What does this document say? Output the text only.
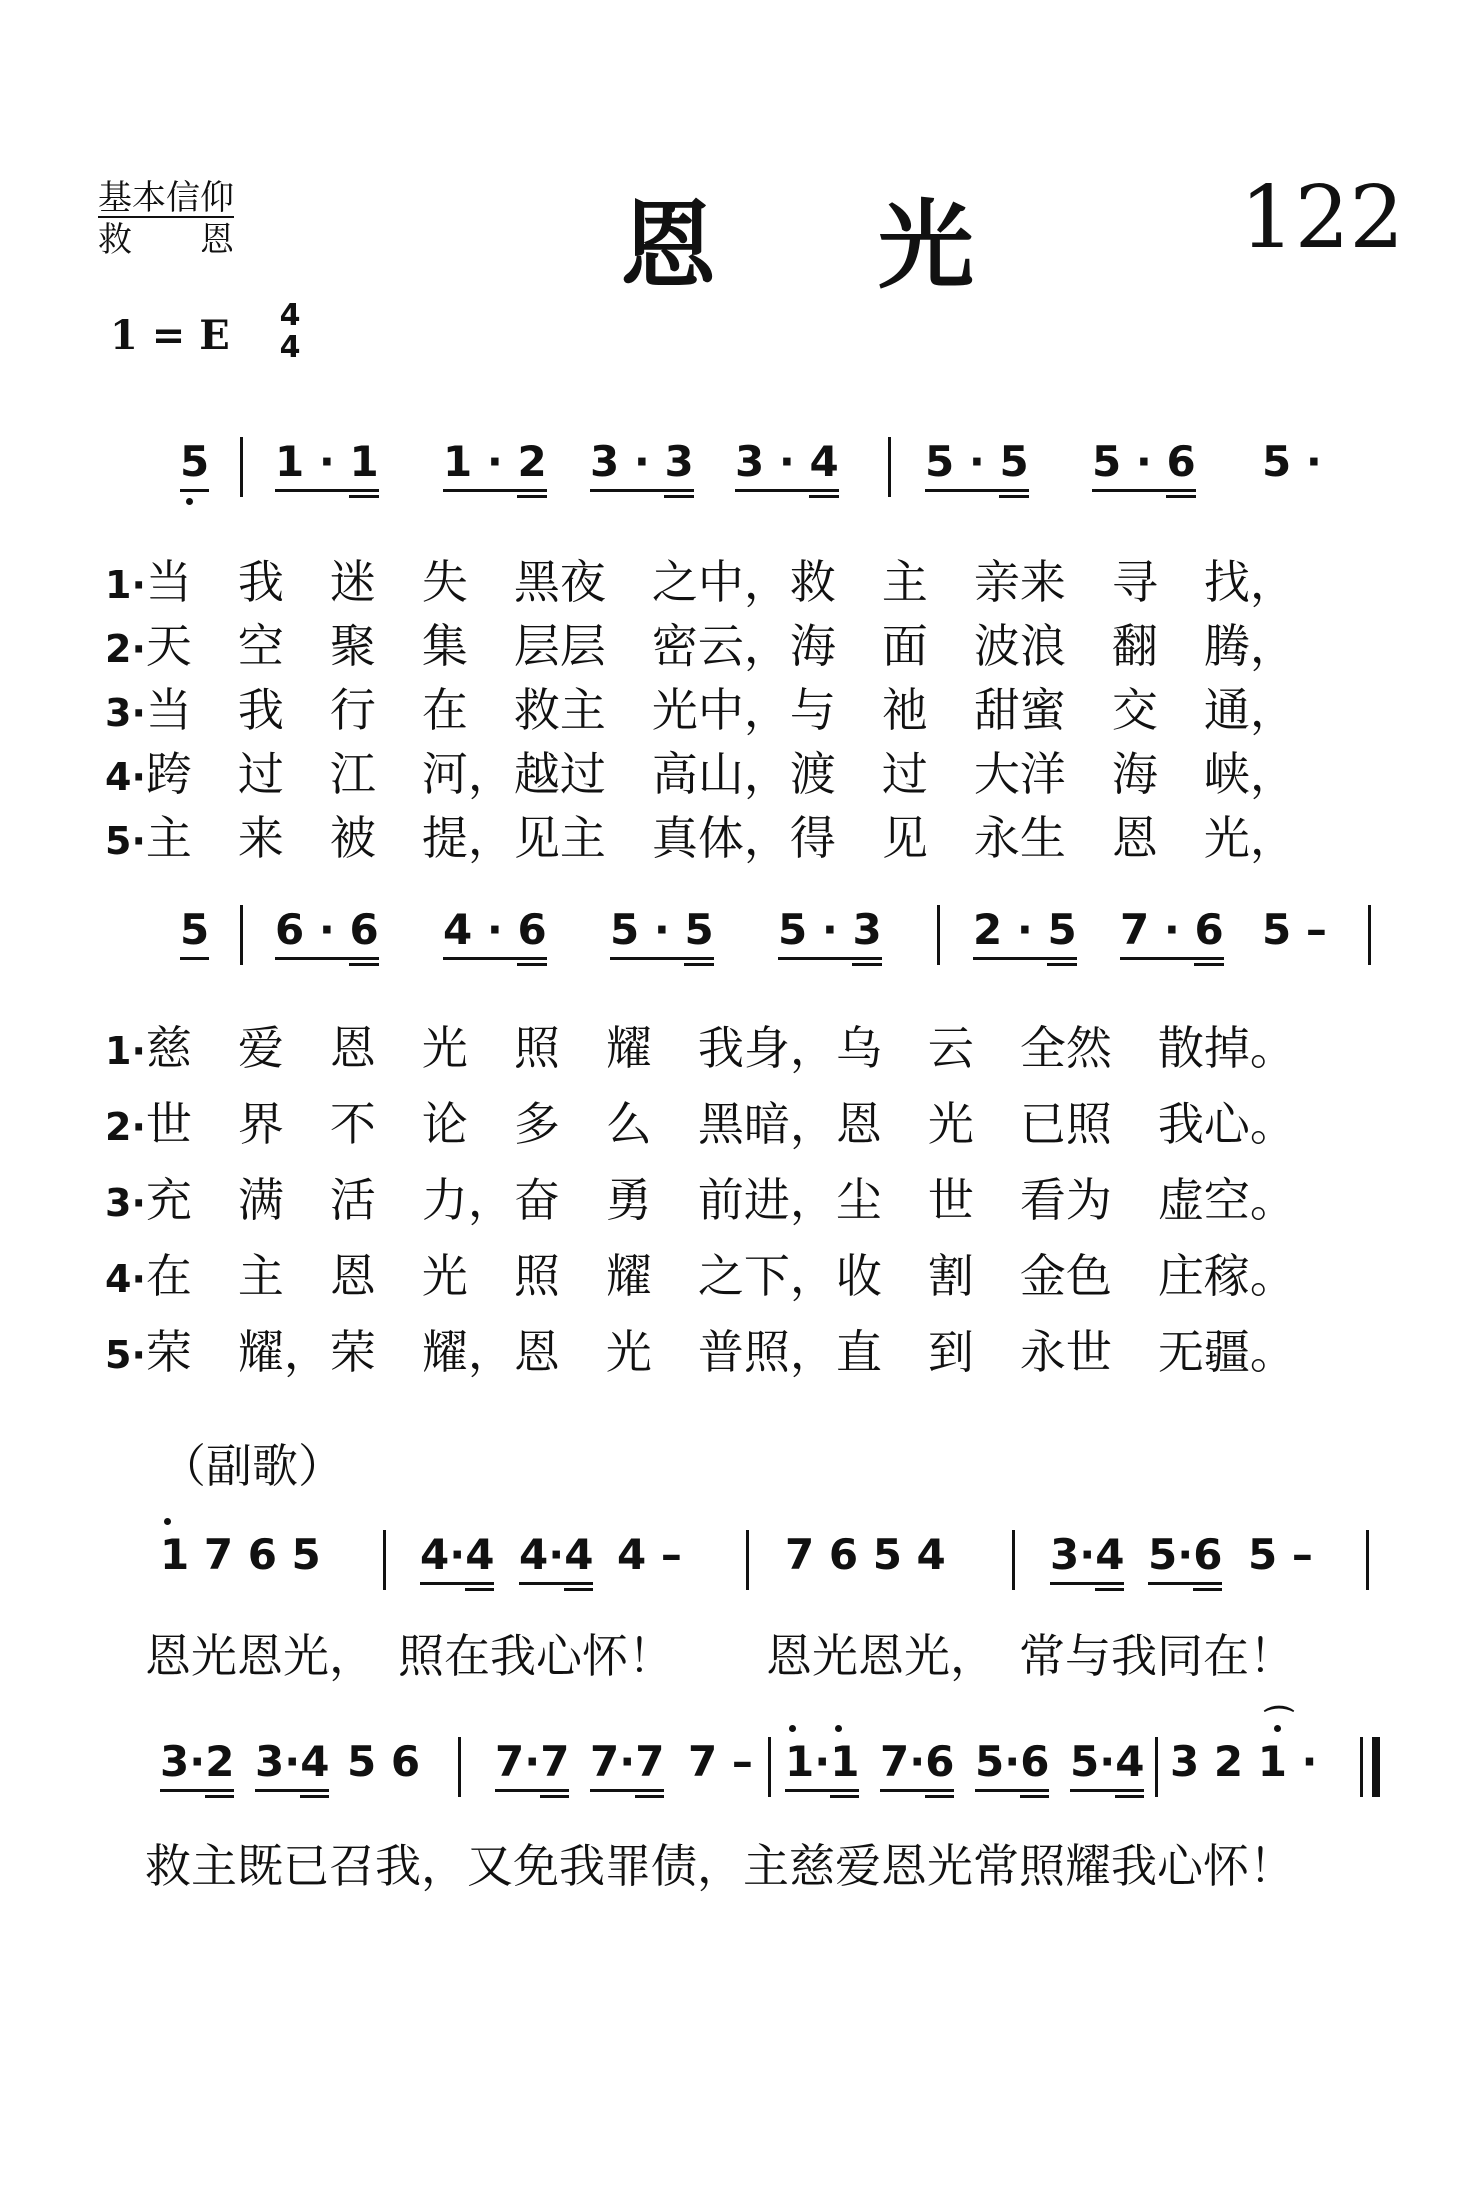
基本信仰
救　　恩	恩 光	122
1 = E 4
4
5 1 · 1 1 · 2 3 · 3 3 · 4 5 · 5 5 · 6 5 ·
1·当　我　迷　失　黑夜　之中，救　主　亲来　寻　找，
2·天　空　聚　集　层层　密云，海　面　波浪　翻　腾，
3·当　我　行　在　救主　光中，与　祂　甜蜜　交　通，
4·跨　过　江　河，越过　高山，渡　过　大洋　海　峡，
5·主　来　被　提，见主　真体，得　见　永生　恩　光，
5 6 · 6 4 · 6 5 · 5 5 · 3 2 · 5 7 · 6 5 –
1·慈　爱　恩　光　照　耀　我身，乌　云　全然　散掉。
2·世　界　不　论　多　么　黑暗，恩　光　已照　我心。
3·充　满　活　力，奋　勇　前进，尘　世　看为　虚空。
4·在　主　恩　光　照　耀　之下，收　割　金色　庄稼。
5·荣　耀，荣　耀，恩　光　普照，直　到　永世　无疆。
（副歌）
1 7 6 5 4·4 4·4 4 – 7 6 5 4 3·4 5·6 5 –
恩光恩光，　照在我心怀！　　恩光恩光，　常与我同在！
3·2 3·4 5 6 7·7 7·7 7 – 1·1 7·6 5·6 5·4 3 2 1 ·
⌒
救主既已召我，又免我罪债，主慈爱恩光常照耀我心怀！
